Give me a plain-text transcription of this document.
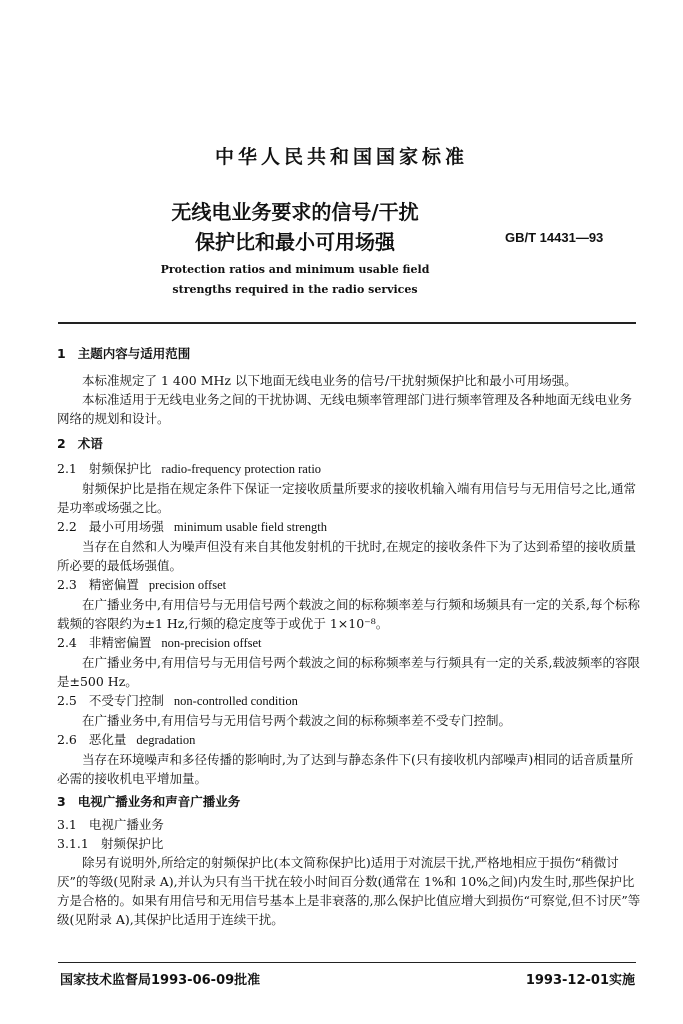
中华人民共和国国家标准
无线电业务要求的信号/干扰
保护比和最小可用场强	GB/T 14431—93
Protection ratios and minimum usable field
strengths required in the radio services
1 主题内容与适用范围

本标准规定了 1 400 MHz 以下地面无线电业务的信号/干扰射频保护比和最小可用场强。

本标准适用于无线电业务之间的干扰协调、无线电频率管理部门进行频率管理及各种地面无线电业务网络的规划和设计。

2 术语
2.1 射频保护比 radio-frequency protection ratio

射频保护比是指在规定条件下保证一定接收质量所要求的接收机输入端有用信号与无用信号之比,通常是功率或场强之比。

2.2 最小可用场强 minimum usable field strength

当存在自然和人为噪声但没有来自其他发射机的干扰时,在规定的接收条件下为了达到希望的接收质量所必要的最低场强值。

2.3 精密偏置 precision offset

在广播业务中,有用信号与无用信号两个载波之间的标称频率差与行频和场频具有一定的关系,每个标称载频的容限约为±1 Hz,行频的稳定度等于或优于 1×10⁻⁸。

2.4 非精密偏置 non-precision offset

在广播业务中,有用信号与无用信号两个载波之间的标称频率差与行频具有一定的关系,载波频率的容限是±500 Hz。

2.5 不受专门控制 non-controlled condition

在广播业务中,有用信号与无用信号两个载波之间的标称频率差不受专门控制。

2.6 恶化量 degradation

当存在环境噪声和多径传播的影响时,为了达到与静态条件下(只有接收机内部噪声)相同的话音质量所必需的接收机电平增加量。

3 电视广播业务和声音广播业务
3.1 电视广播业务
3.1.1 射频保护比

除另有说明外,所给定的射频保护比(本文简称保护比)适用于对流层干扰,严格地相应于损伤“稍微讨厌”的等级(见附录 A),并认为只有当干扰在较小时间百分数(通常在 1%和 10%之间)内发生时,那些保护比方是合格的。如果有用信号和无用信号基本上是非衰落的,那么保护比值应增大到损伤“可察觉,但不讨厌”等级(见附录 A),其保护比适用于连续干扰。

国家技术监督局1993-06-09批准	1993-12-01实施
